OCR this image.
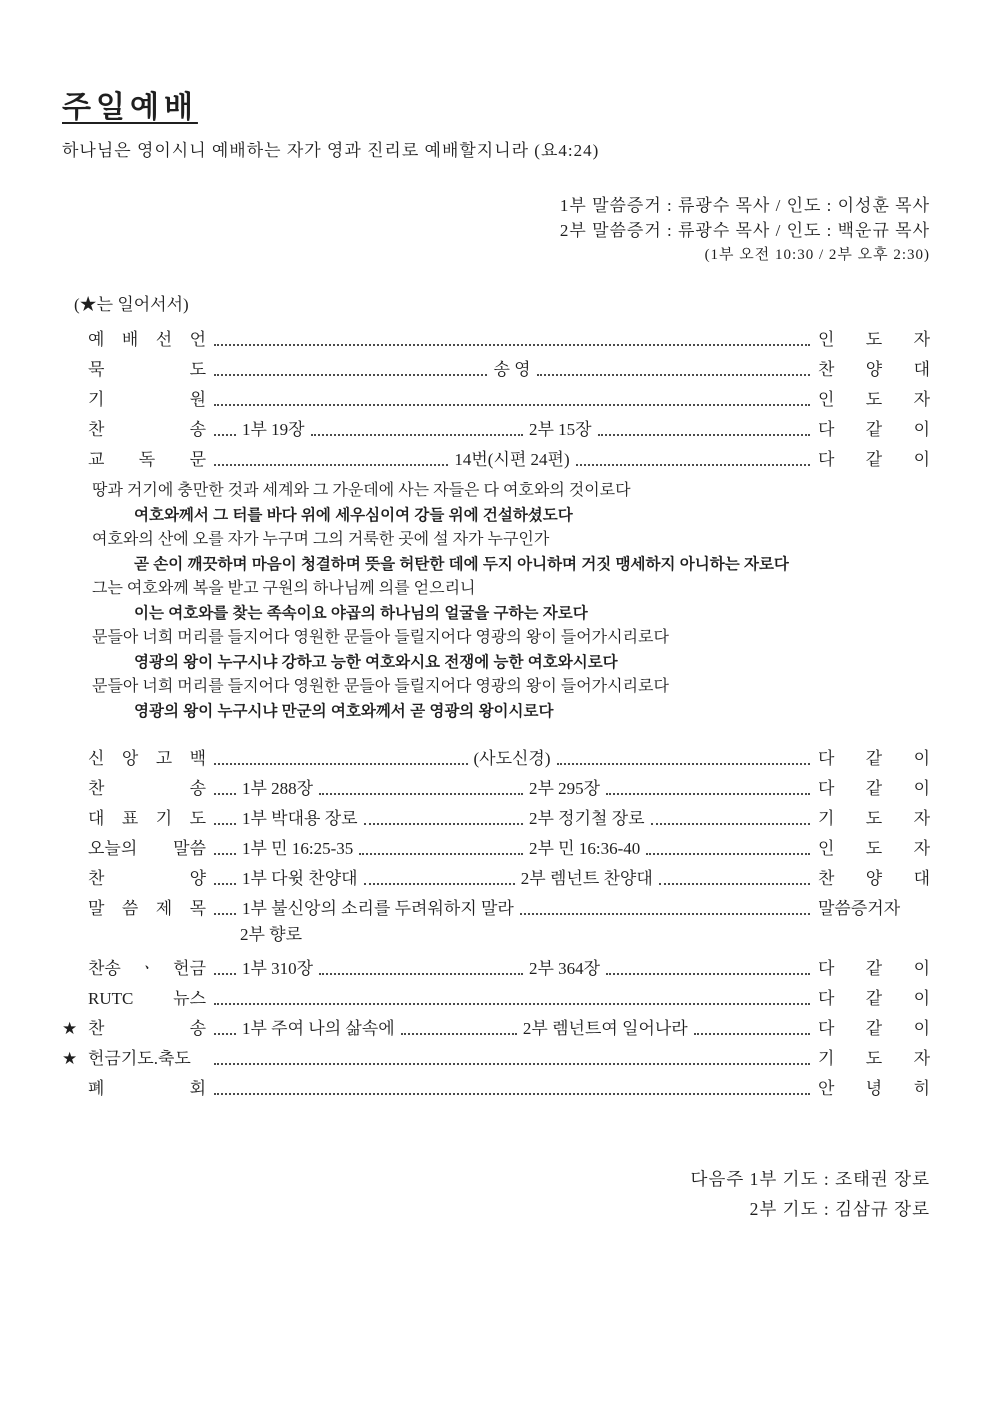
주일예배
하나님은 영이시니 예배하는 자가 영과 진리로 예배할지니라 (요4:24)
1부 말씀증거 : 류광수 목사 / 인도 : 이성훈 목사
2부 말씀증거 : 류광수 목사 / 인도 : 백운규 목사
(1부 오전 10:30 / 2부 오후 2:30)
(★는 일어서서)
예 배 선 언	인 도 자
묵 도	송 영	찬 양 대
기 원	인 도 자
찬 송 1부 19장	2부 15장	다 같 이
교 독 문	14번(시편 24편)	다 같 이
땅과 거기에 충만한 것과 세계와 그 가운데에 사는 자들은 다 여호와의 것이로다
여호와께서 그 터를 바다 위에 세우심이여 강들 위에 건설하셨도다
여호와의 산에 오를 자가 누구며 그의 거룩한 곳에 설 자가 누구인가
곧 손이 깨끗하며 마음이 청결하며 뜻을 허탄한 데에 두지 아니하며 거짓 맹세하지 아니하는 자로다
그는 여호와께 복을 받고 구원의 하나님께 의를 얻으리니
이는 여호와를 찾는 족속이요 야곱의 하나님의 얼굴을 구하는 자로다
문들아 너희 머리를 들지어다 영원한 문들아 들릴지어다 영광의 왕이 들어가시리로다
영광의 왕이 누구시냐 강하고 능한 여호와시요 전쟁에 능한 여호와시로다
문들아 너희 머리를 들지어다 영원한 문들아 들릴지어다 영광의 왕이 들어가시리로다
영광의 왕이 누구시냐 만군의 여호와께서 곧 영광의 왕이시로다
신 앙 고 백	(사도신경)	다 같 이
찬 송 1부 288장	2부 295장	다 같 이
대 표 기 도 1부 박대용 장로	2부 정기철 장로	기 도 자
오늘의 말씀 1부 민 16:25-35	2부 민 16:36-40	인 도 자
찬 양 1부 다윗 찬양대	2부 렘넌트 찬양대	찬 양 대
말 씀 제 목 1부 불신앙의 소리를 두려워하지 말라	말씀증거자
2부 향로
찬송 ㆍ 헌금 1부 310장	2부 364장	다 같 이
RUTC 뉴스	다 같 이
★ 찬 송 1부 주여 나의 삶속에	2부 렘넌트여 일어나라	다 같 이
★ 헌금기도.축도	기 도 자
폐 회	안 녕 히
다음주 1부 기도 : 조태권 장로
2부 기도 : 김삼규 장로
